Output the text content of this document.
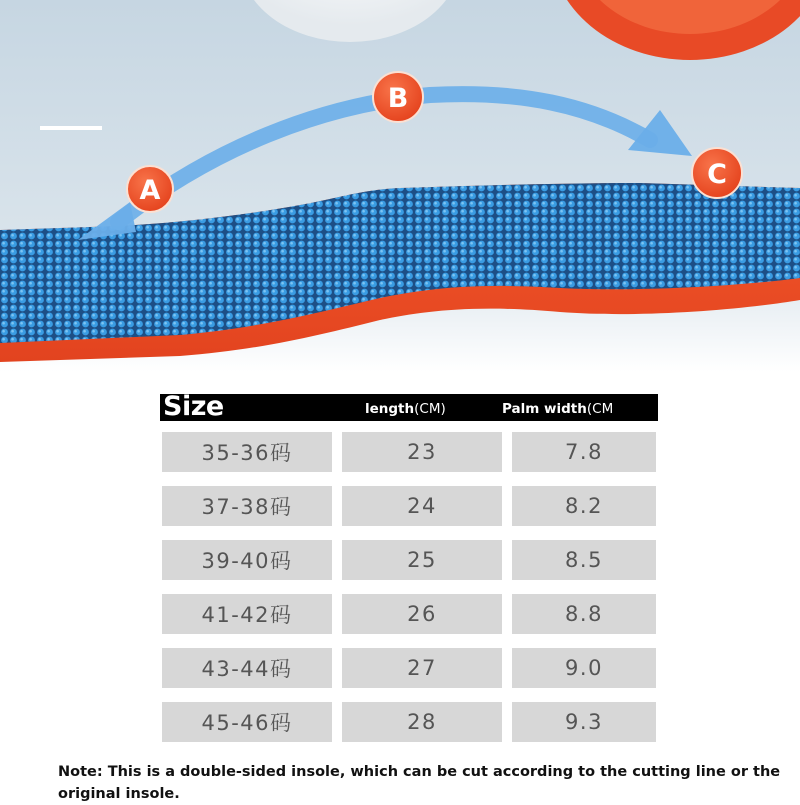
A
B
C
Size	length(CM)	Palm width(CM
35-36码	23	7.8
37-38码	24	8.2
39-40码	25	8.5
41-42码	26	8.8
43-44码	27	9.0
45-46码	28	9.3
Note: This is a double-sided insole, which can be cut according to the cutting line or the original insole.
